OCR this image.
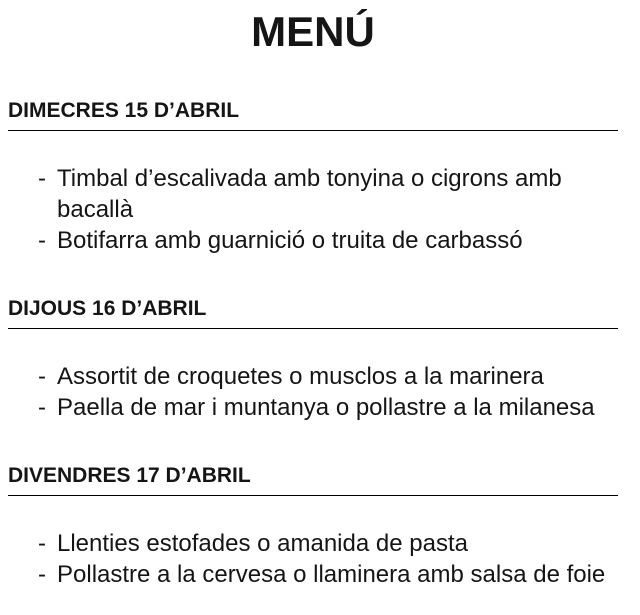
MENÚ
DIMECRES 15 D’ABRIL
- Timbal d’escalivada amb tonyina o cigrons amb bacallà
- Botifarra amb guarnició o truita de carbassó
DIJOUS 16 D’ABRIL
- Assortit de croquetes o musclos a la marinera
- Paella de mar i muntanya o pollastre a la milanesa
DIVENDRES 17 D’ABRIL
- Llenties estofades o amanida de pasta
- Pollastre a la cervesa o llaminera amb salsa de foie
